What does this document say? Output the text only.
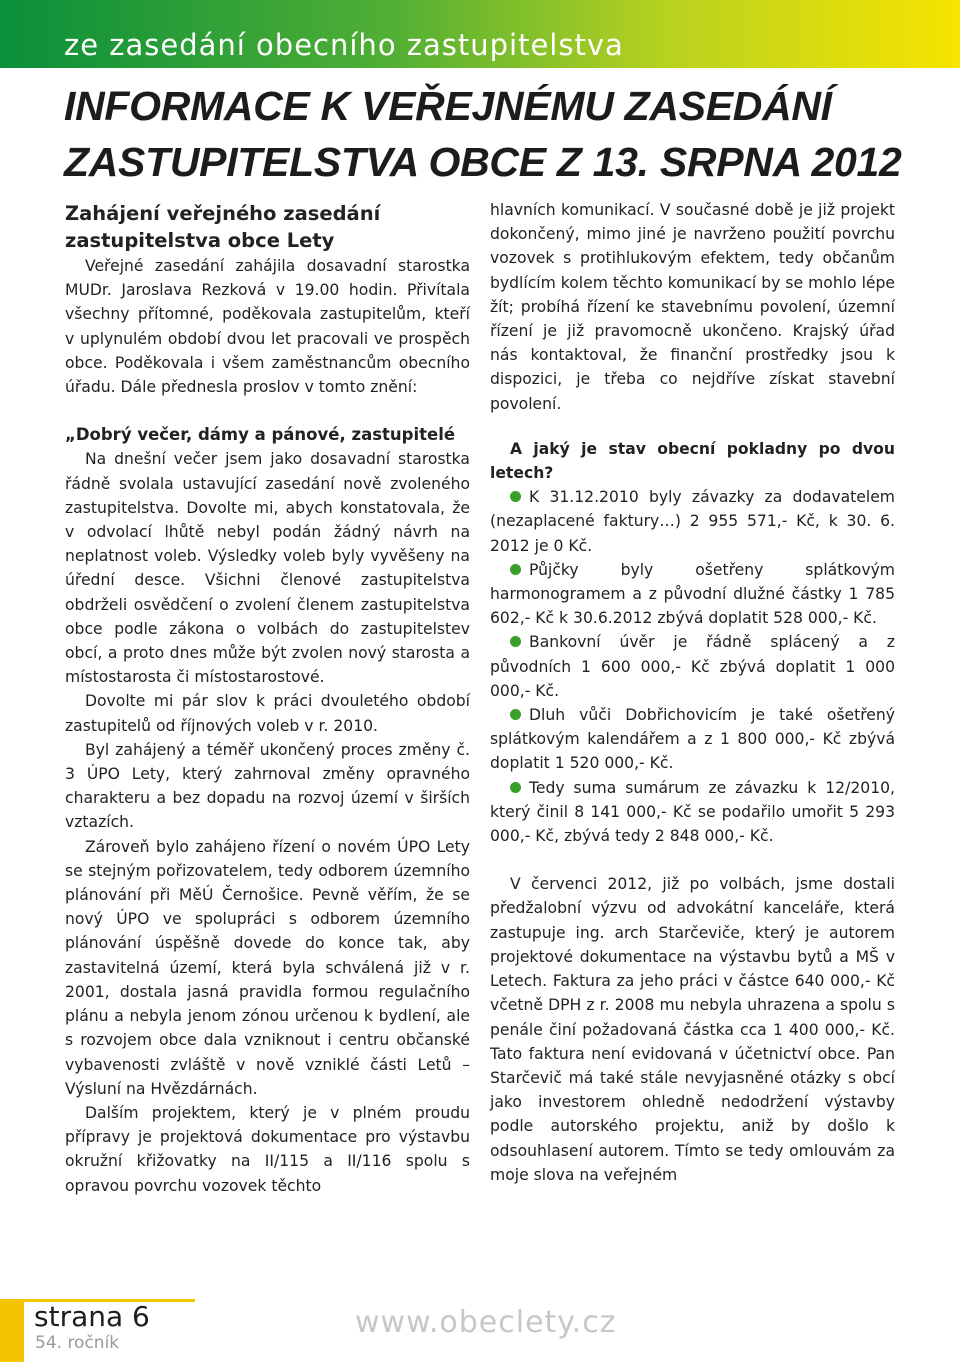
ze zasedání obecního zastupitelstva
INFORMACE K VEŘEJNÉMU ZASEDÁNÍ
ZASTUPITELSTVA OBCE Z 13. SRPNA 2012
Zahájení veřejného zasedání zastupitelstva obce Lety

Veřejné zasedání zahájila dosavadní starostka MUDr. Jaroslava Rezková v 19.00 hodin. Přivítala všechny přítomné, poděkovala zastupitelům, kteří v uplynulém období dvou let pracovali ve prospěch obce. Poděkovala i všem zaměstnancům obecního úřadu. Dále přednesla proslov v tomto znění:

„Dobrý večer, dámy a pánové, zastupitelé

Na dnešní večer jsem jako dosavadní starostka řádně svolala ustavující zasedání nově zvoleného zastupitelstva. Dovolte mi, abych konstatovala, že v odvolací lhůtě nebyl podán žádný návrh na neplatnost voleb. Výsledky voleb byly vyvěšeny na úřední desce. Všichni členové zastupitelstva obdrželi osvědčení o zvolení členem zastupitelstva obce podle zákona o volbách do zastupitelstev obcí, a proto dnes může být zvolen nový starosta a místostarosta či místostarostové.

Dovolte mi pár slov k práci dvouletého období zastupitelů od říjnových voleb v r. 2010.

Byl zahájený a téměř ukončený proces změny č. 3 ÚPO Lety, který zahrnoval změny opravného charakteru a bez dopadu na rozvoj území v širších vztazích.

Zároveň bylo zahájeno řízení o novém ÚPO Lety se stejným pořizovatelem, tedy odborem územního plánování při MěÚ Černošice. Pevně věřím, že se nový ÚPO ve spolupráci s odborem územního plánování úspěšně dovede do konce tak, aby zastavitelná území, která byla schválená již v r. 2001, dostala jasná pravidla formou regulačního plánu a nebyla jenom zónou určenou k bydlení, ale s rozvojem obce dala vzniknout i centru občanské vybavenosti zvláště v nově vzniklé části Letů – Výsluní na Hvězdárnách.

Dalším projektem, který je v plném proudu přípravy je projektová dokumentace pro výstavbu okružní křižovatky na II/115 a II/116 spolu s opravou povrchu vozovek těchto

hlavních komunikací. V současné době je již projekt dokončený, mimo jiné je navrženo použití povrchu vozovek s protihlukovým efektem, tedy občanům bydlícím kolem těchto komunikací by se mohlo lépe žít; probíhá řízení ke stavebnímu povolení, územní řízení je již pravomocně ukončeno. Krajský úřad nás kontaktoval, že finanční prostředky jsou k dispozici, je třeba co nejdříve získat stavební povolení.

A jaký je stav obecní pokladny po dvou letech?

K 31.12.2010 byly závazky za dodavatelem (nezaplacené faktury…) 2 955 571,- Kč, k 30. 6. 2012 je 0 Kč.

Půjčky byly ošetřeny splátkovým harmonogramem a z původní dlužné částky 1 785 602,- Kč k 30.6.2012 zbývá doplatit 528 000,- Kč.

Bankovní úvěr je řádně splácený a z původních 1 600 000,- Kč zbývá doplatit 1 000 000,- Kč.

Dluh vůči Dobřichovicím je také ošetřený splátkovým kalendářem a z 1 800 000,- Kč zbývá doplatit 1 520 000,- Kč.

Tedy suma sumárum ze závazku k 12/2010, který činil 8 141 000,- Kč se podařilo umořit 5 293 000,- Kč, zbývá tedy 2 848 000,- Kč.

V červenci 2012, již po volbách, jsme dostali předžalobní výzvu od advokátní kanceláře, která zastupuje ing. arch Starčeviče, který je autorem projektové dokumentace na výstavbu bytů a MŠ v Letech. Faktura za jeho práci v částce 640 000,- Kč včetně DPH z r. 2008 mu nebyla uhrazena a spolu s penále činí požadovaná částka cca 1 400 000,- Kč. Tato faktura není evidovaná v účetnictví obce. Pan Starčevič má také stále nevyjasněné otázky s obcí jako investorem ohledně nedodržení výstavby podle autorského projektu, aniž by došlo k odsouhlasení autorem. Tímto se tedy omlouvám za moje slova na veřejném

strana 6
54. ročník
www.obeclety.cz
